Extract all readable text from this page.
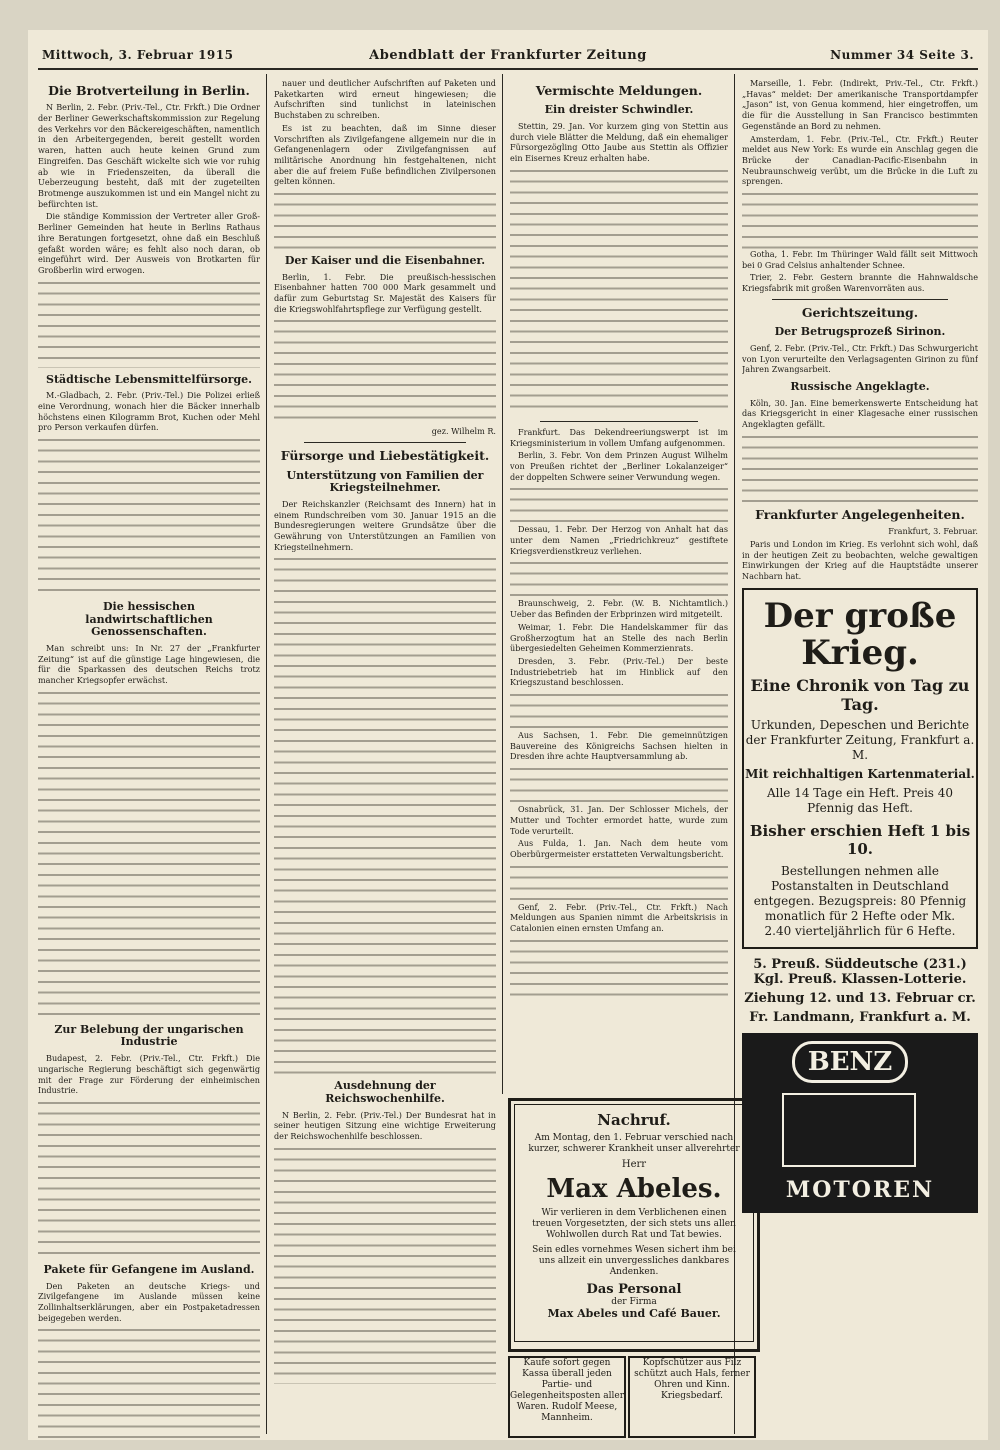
Mittwoch, 3. Februar 1915	Abendblatt der Frankfurter Zeitung	Nummer 34 Seite 3.
Die Brotverteilung in Berlin.

N Berlin, 2. Febr. (Priv.-Tel., Ctr. Frkft.) Die Ordner der Berliner Gewerkschaftskommission zur Regelung des Verkehrs vor den Bäckereigeschäften, namentlich in den Arbeitergegenden, bereit gestellt worden waren, hatten auch heute keinen Grund zum Eingreifen. Das Geschäft wickelte sich wie vor ruhig ab wie in Friedenszeiten, da überall die Ueberzeugung besteht, daß mit der zugeteilten Brotmenge auszukommen ist und ein Mangel nicht zu befürchten ist.

Die ständige Kommission der Vertreter aller Groß-Berliner Gemeinden hat heute in Berlins Rathaus ihre Beratungen fortgesetzt, ohne daß ein Beschluß gefaßt worden wäre; es fehlt also noch daran, ob eingeführt wird. Der Ausweis von Brotkarten für Großberlin wird erwogen.

Städtische Lebensmittelfürsorge.

M.-Gladbach, 2. Febr. (Priv.-Tel.) Die Polizei erließ eine Verordnung, wonach hier die Bäcker innerhalb höchstens einen Kilogramm Brot, Kuchen oder Mehl pro Person verkaufen dürfen.

Die hessischen landwirtschaftlichen Genossenschaften.

Man schreibt uns: In Nr. 27 der „Frankfurter Zeitung“ ist auf die günstige Lage hingewiesen, die für die Sparkassen des deutschen Reichs trotz mancher Kriegsopfer erwächst.

Zur Belebung der ungarischen Industrie

Budapest, 2. Febr. (Priv.-Tel., Ctr. Frkft.) Die ungarische Regierung beschäftigt sich gegenwärtig mit der Frage zur Förderung der einheimischen Industrie.

Pakete für Gefangene im Ausland.

Den Paketen an deutsche Kriegs- und Zivilgefangene im Auslande müssen keine Zollinhaltserklärungen, aber ein Postpaketadressen beigegeben werden.

nauer und deutlicher Aufschriften auf Paketen und Paketkarten wird erneut hingewiesen; die Aufschriften sind tunlichst in lateinischen Buchstaben zu schreiben.

Es ist zu beachten, daß im Sinne dieser Vorschriften als Zivilgefangene allgemein nur die in Gefangenenlagern oder Zivilgefangnissen auf militärische Anordnung hin festgehaltenen, nicht aber die auf freiem Fuße befindlichen Zivilpersonen gelten können.

Der Kaiser und die Eisenbahner.

Berlin, 1. Febr. Die preußisch-hessischen Eisenbahner hatten 700 000 Mark gesammelt und dafür zum Geburtstag Sr. Majestät des Kaisers für die Kriegswohlfahrtspflege zur Verfügung gestellt.

gez. Wilhelm R.

Fürsorge und Liebestätigkeit.
Unterstützung von Familien der Kriegsteilnehmer.

Der Reichskanzler (Reichsamt des Innern) hat in einem Rundschreiben vom 30. Januar 1915 an die Bundesregierungen weitere Grundsätze über die Gewährung von Unterstützungen an Familien von Kriegsteilnehmern.

Ausdehnung der Reichswochenhilfe.

N Berlin, 2. Febr. (Priv.-Tel.) Der Bundesrat hat in seiner heutigen Sitzung eine wichtige Erweiterung der Reichswochenhilfe beschlossen.

Vermischte Meldungen.
Ein dreister Schwindler.

Stettin, 29. Jan. Vor kurzem ging von Stettin aus durch viele Blätter die Meldung, daß ein ehemaliger Fürsorgezögling Otto Jaube aus Stettin als Offizier ein Eisernes Kreuz erhalten habe.

Frankfurt. Das Dekendreeriungswerpt ist im Kriegsministerium in vollem Umfang aufgenommen.

Berlin, 3. Febr. Von dem Prinzen August Wilhelm von Preußen richtet der „Berliner Lokalanzeiger“ der doppelten Schwere seiner Verwundung wegen.

Dessau, 1. Febr. Der Herzog von Anhalt hat das unter dem Namen „Friedrichkreuz“ gestiftete Kriegsverdienstkreuz verliehen.

Braunschweig, 2. Febr. (W. B. Nichtamtlich.) Ueber das Befinden der Erbprinzen wird mitgeteilt.

Weimar, 1. Febr. Die Handelskammer für das Großherzogtum hat an Stelle des nach Berlin übergesiedelten Geheimen Kommerzienrats.

Dresden, 3. Febr. (Priv.-Tel.) Der beste Industriebetrieb hat im Hinblick auf den Kriegszustand beschlossen.

Aus Sachsen, 1. Febr. Die gemeinnützigen Bauvereine des Königreichs Sachsen hielten in Dresden ihre achte Hauptversammlung ab.

Osnabrück, 31. Jan. Der Schlosser Michels, der Mutter und Tochter ermordet hatte, wurde zum Tode verurteilt.

Aus Fulda, 1. Jan. Nach dem heute vom Oberbürgermeister erstatteten Verwaltungsbericht.

Genf, 2. Febr. (Priv.-Tel., Ctr. Frkft.) Nach Meldungen aus Spanien nimmt die Arbeitskrisis in Catalonien einen ernsten Umfang an.

Nachruf.
Am Montag, den 1. Februar verschied nach kurzer, schwerer Krankheit unser allverehrter
Herr
Max Abeles.
Wir verlieren in dem Verblichenen einen treuen Vorgesetzten, der sich stets uns allen Wohlwollen durch Rat und Tat bewies.
Sein edles vornehmes Wesen sichert ihm bei uns allzeit ein unvergessliches dankbares Andenken.
Das Personal
der Firma
Max Abeles und Café Bauer.
Kaufe sofort gegen Kassa überall jeden Partie- und Gelegenheitsposten aller Waren. Rudolf Meese, Mannheim.
Kopfschützer aus Filz schützt auch Hals, ferner Ohren und Kinn. Kriegsbedarf.

Marseille, 1. Febr. (Indirekt, Priv.-Tel., Ctr. Frkft.) „Havas“ meldet: Der amerikanische Transportdampfer „Jason“ ist, von Genua kommend, hier eingetroffen, um die für die Ausstellung in San Francisco bestimmten Gegenstände an Bord zu nehmen.

Amsterdam, 1. Febr. (Priv.-Tel., Ctr. Frkft.) Reuter meldet aus New York: Es wurde ein Anschlag gegen die Brücke der Canadian-Pacific-Eisenbahn in Neubraunschweig verübt, um die Brücke in die Luft zu sprengen.

Gotha, 1. Febr. Im Thüringer Wald fällt seit Mittwoch bei 0 Grad Celsius anhaltender Schnee.

Trier, 2. Febr. Gestern brannte die Hahnwaldsche Kriegsfabrik mit großen Warenvorräten aus.

Gerichtszeitung.
Der Betrugsprozeß Sirinon.

Genf, 2. Febr. (Priv.-Tel., Ctr. Frkft.) Das Schwurgericht von Lyon verurteilte den Verlagsagenten Girinon zu fünf Jahren Zwangsarbeit.

Russische Angeklagte.

Köln, 30. Jan. Eine bemerkenswerte Entscheidung hat das Kriegsgericht in einer Klagesache einer russischen Angeklagten gefällt.

Frankfurter Angelegenheiten.

Frankfurt, 3. Februar.

Paris und London im Krieg. Es verlohnt sich wohl, daß in der heutigen Zeit zu beobachten, welche gewaltigen Einwirkungen der Krieg auf die Hauptstädte unserer Nachbarn hat.

Der große Krieg.
Eine Chronik von Tag zu Tag.
Urkunden, Depeschen und Berichte der Frankfurter Zeitung, Frankfurt a. M.
Mit reichhaltigen Kartenmaterial.
Alle 14 Tage ein Heft. Preis 40 Pfennig das Heft.
Bisher erschien Heft 1 bis 10.
Bestellungen nehmen alle Postanstalten in Deutschland entgegen. Bezugspreis: 80 Pfennig monatlich für 2 Hefte oder Mk. 2.40 vierteljährlich für 6 Hefte.
5. Preuß. Süddeutsche (231.) Kgl. Preuß. Klassen-Lotterie.
Ziehung 12. und 13. Februar cr.
Fr. Landmann, Frankfurt a. M.
BENZ
MOTOREN
